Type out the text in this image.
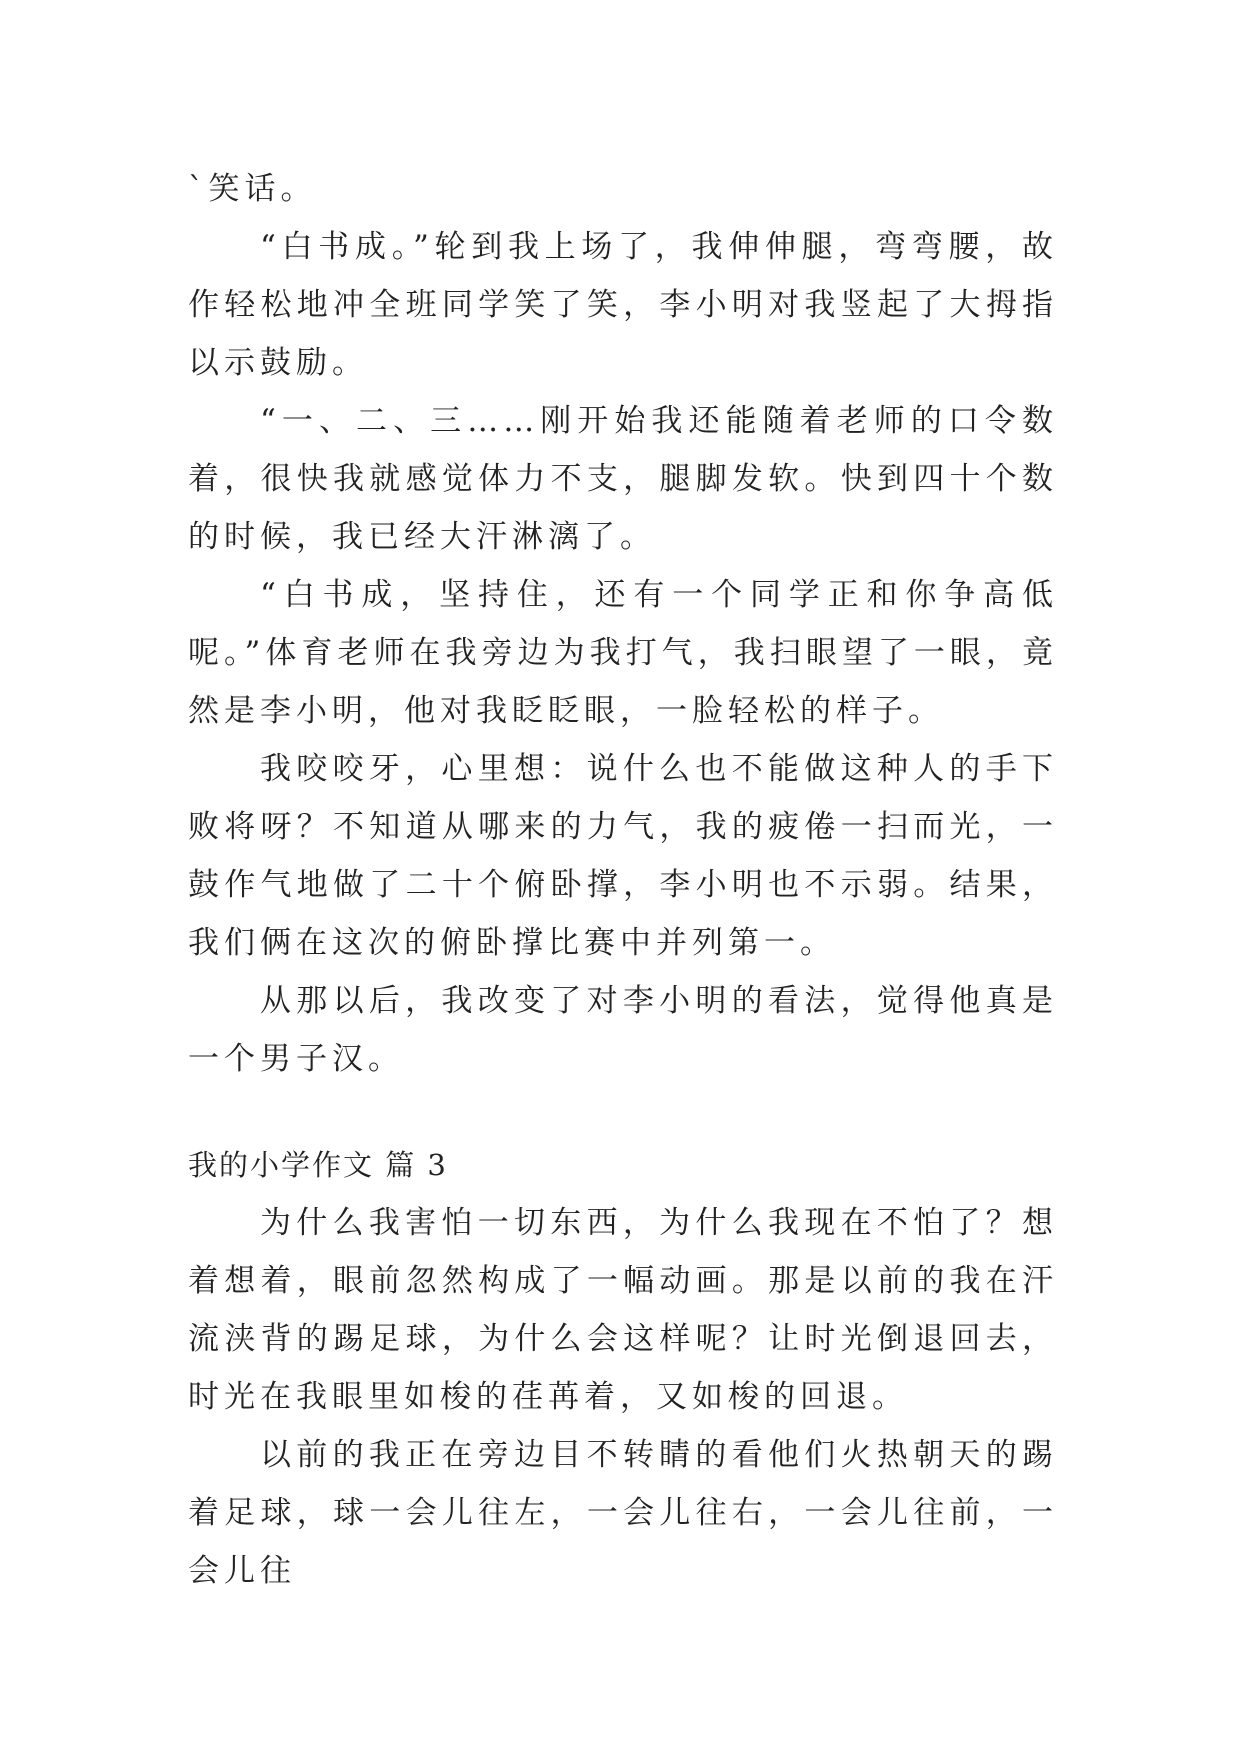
`笑话。

“白书成。”轮到我上场了，我伸伸腿，弯弯腰，故作轻松地冲全班同学笑了笑，李小明对我竖起了大拇指以示鼓励。

“一、二、三……刚开始我还能随着老师的口令数着，很快我就感觉体力不支，腿脚发软。快到四十个数的时候，我已经大汗淋漓了。

“白书成，坚持住，还有一个同学正和你争高低呢。”体育老师在我旁边为我打气，我扫眼望了一眼，竟然是李小明，他对我眨眨眼，一脸轻松的样子。

我咬咬牙，心里想：说什么也不能做这种人的手下败将呀？不知道从哪来的力气，我的疲倦一扫而光，一鼓作气地做了二十个俯卧撑，李小明也不示弱。结果，我们俩在这次的俯卧撑比赛中并列第一。

从那以后，我改变了对李小明的看法，觉得他真是一个男子汉。

我的小学作文 篇 3

为什么我害怕一切东西，为什么我现在不怕了？想着想着，眼前忽然构成了一幅动画。那是以前的我在汗流浃背的踢足球，为什么会这样呢？让时光倒退回去，时光在我眼里如梭的荏苒着，又如梭的回退。

以前的我正在旁边目不转睛的看他们火热朝天的踢着足球，球一会儿往左，一会儿往右，一会儿往前，一会儿往
